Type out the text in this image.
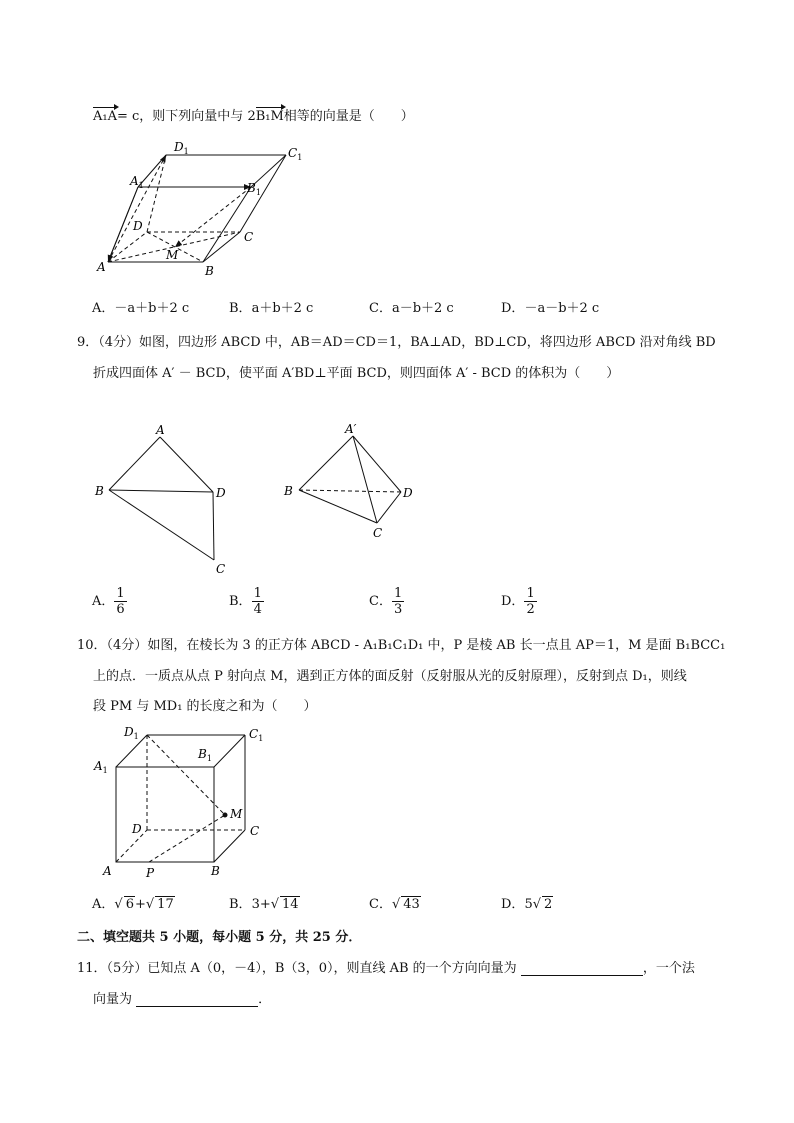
A₁A= c，则下列向量中与 2B₁M相等的向量是（　　）
$D_1$	$C_1$
$A_1$	$B_1$
D
C
A
M
B
A．－a＋b＋2 c	B．a＋b＋2 c	C．a－b＋2 c	D．－a－b＋2 c
9．（4分）如图，四边形 ABCD 中，AB＝AD＝CD＝1，BA⊥AD，BD⊥CD，将四边形 ABCD 沿对角线 BD
折成四面体 A′ － BCD，使平面 A′BD⊥平面 BCD，则四面体 A′ - BCD 的体积为（　　）
A
B	D
C
A′
B	D
C
A． $\frac{1}{6}$	B． $\frac{1}{4}$	C． $\frac{1}{3}$	D． $\frac{1}{2}$
10．（4分）如图，在棱长为 3 的正方体 ABCD - A₁B₁C₁D₁ 中，P 是棱 AB 长一点且 AP＝1，M 是面 B₁BCC₁
上的点．一质点从点 P 射向点 M，遇到正方体的面反射（反射服从光的反射原理），反射到点 D₁，则线
段 PM 与 MD₁ 的长度之和为（　　）
$D_1$	$C_1$
$B_1$
$A_1$
M
D	C
A	P	B
A．√ 6+√ 17	B．3+√ 14	C．√ 43	D．5√ 2
二、填空题共 5 小题，每小题 5 分，共 25 分．
11．（5分）已知点 A（0，－4），B（3，0），则直线 AB 的一个方向向量为	，一个法
向量为	．
